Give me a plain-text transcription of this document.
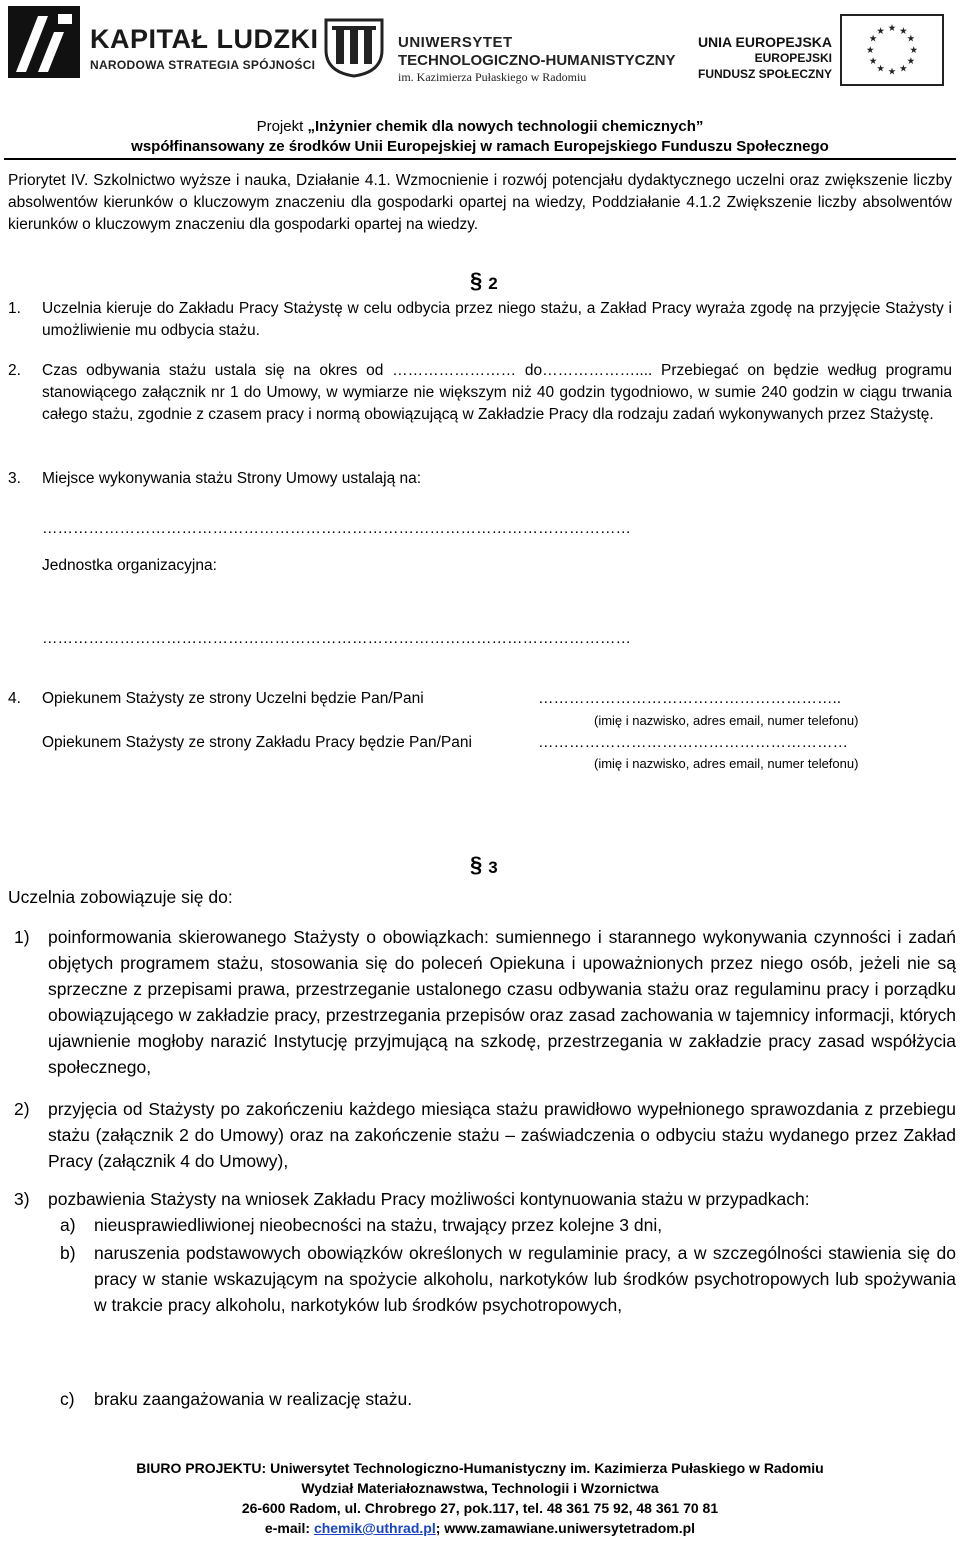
KAPITAŁ LUDZKI
NARODOWA STRATEGIA SPÓJNOŚCI
UNIWERSYTET
TECHNOLOGICZNO-HUMANISTYCZNY
im. Kazimierza Pułaskiego w Radomiu
UNIA EUROPEJSKA
EUROPEJSKI
FUNDUSZ SPOŁECZNY
★ ★
★
★
★
★
★
★
★
★
★
★
Projekt „Inżynier chemik dla nowych technologii chemicznych”
współfinansowany ze środków Unii Europejskiej w ramach Europejskiego Funduszu Społecznego
Priorytet IV. Szkolnictwo wyższe i nauka, Działanie 4.1. Wzmocnienie i rozwój potencjału dydaktycznego uczelni oraz zwiększenie liczby absolwentów kierunków o kluczowym znaczeniu dla gospodarki opartej na wiedzy, Poddziałanie 4.1.2 Zwiększenie liczby absolwentów kierunków o kluczowym znaczeniu dla gospodarki opartej na wiedzy.
§ 2
1. Uczelnia kieruje do Zakładu Pracy Stażystę w celu odbycia przez niego stażu, a Zakład Pracy wyraża zgodę na przyjęcie Stażysty i umożliwienie mu odbycia stażu.
2. Czas odbywania stażu ustala się na okres od …………………… do……………….... Przebiegać on będzie według programu stanowiącego załącznik nr 1 do Umowy, w wymiarze nie większym niż 40 godzin tygodniowo, w sumie 240 godzin w ciągu trwania całego stażu, zgodnie z czasem pracy i normą obowiązującą w Zakładzie Pracy dla rodzaju zadań wykonywanych przez Stażystę.
3. Miejsce wykonywania stażu Strony Umowy ustalają na:
……………………………………………………………………………………………………
Jednostka organizacyjna:
……………………………………………………………………………………………………
4. Opiekunem Stażysty ze strony Uczelni będzie Pan/Pani	…………………………………………………..
(imię i nazwisko, adres email, numer telefonu)
Opiekunem Stażysty ze strony Zakładu Pracy będzie Pan/Pani	……………………………………………………
(imię i nazwisko, adres email, numer telefonu)
§ 3
Uczelnia zobowiązuje się do:
1) poinformowania skierowanego Stażysty o obowiązkach: sumiennego i starannego wykonywania czynności i zadań objętych programem stażu, stosowania się do poleceń Opiekuna i upoważnionych przez niego osób, jeżeli nie są sprzeczne z przepisami prawa, przestrzeganie ustalonego czasu odbywania stażu oraz regulaminu pracy i porządku obowiązującego w zakładzie pracy, przestrzegania przepisów oraz zasad zachowania w tajemnicy informacji, których ujawnienie mogłoby narazić Instytucję przyjmującą na szkodę, przestrzegania w zakładzie pracy zasad współżycia społecznego,
2) przyjęcia od Stażysty po zakończeniu każdego miesiąca stażu prawidłowo wypełnionego sprawozdania z przebiegu stażu (załącznik 2 do Umowy) oraz na zakończenie stażu – zaświadczenia o odbyciu stażu wydanego przez Zakład Pracy (załącznik 4 do Umowy),
3) pozbawienia Stażysty na wniosek Zakładu Pracy możliwości kontynuowania stażu w przypadkach:
a) nieusprawiedliwionej nieobecności na stażu, trwający przez kolejne 3 dni,
b) naruszenia podstawowych obowiązków określonych w regulaminie pracy, a w szczególności stawienia się do pracy w stanie wskazującym na spożycie alkoholu, narkotyków lub środków psychotropowych lub spożywania w trakcie pracy alkoholu, narkotyków lub środków psychotropowych,
c) braku zaangażowania w realizację stażu.
BIURO PROJEKTU: Uniwersytet Technologiczno-Humanistyczny im. Kazimierza Pułaskiego w Radomiu
Wydział Materiałoznawstwa, Technologii i Wzornictwa
26-600 Radom, ul. Chrobrego 27, pok.117, tel. 48 361 75 92, 48 361 70 81
e-mail: chemik@uthrad.pl; www.zamawiane.uniwersytetradom.pl
